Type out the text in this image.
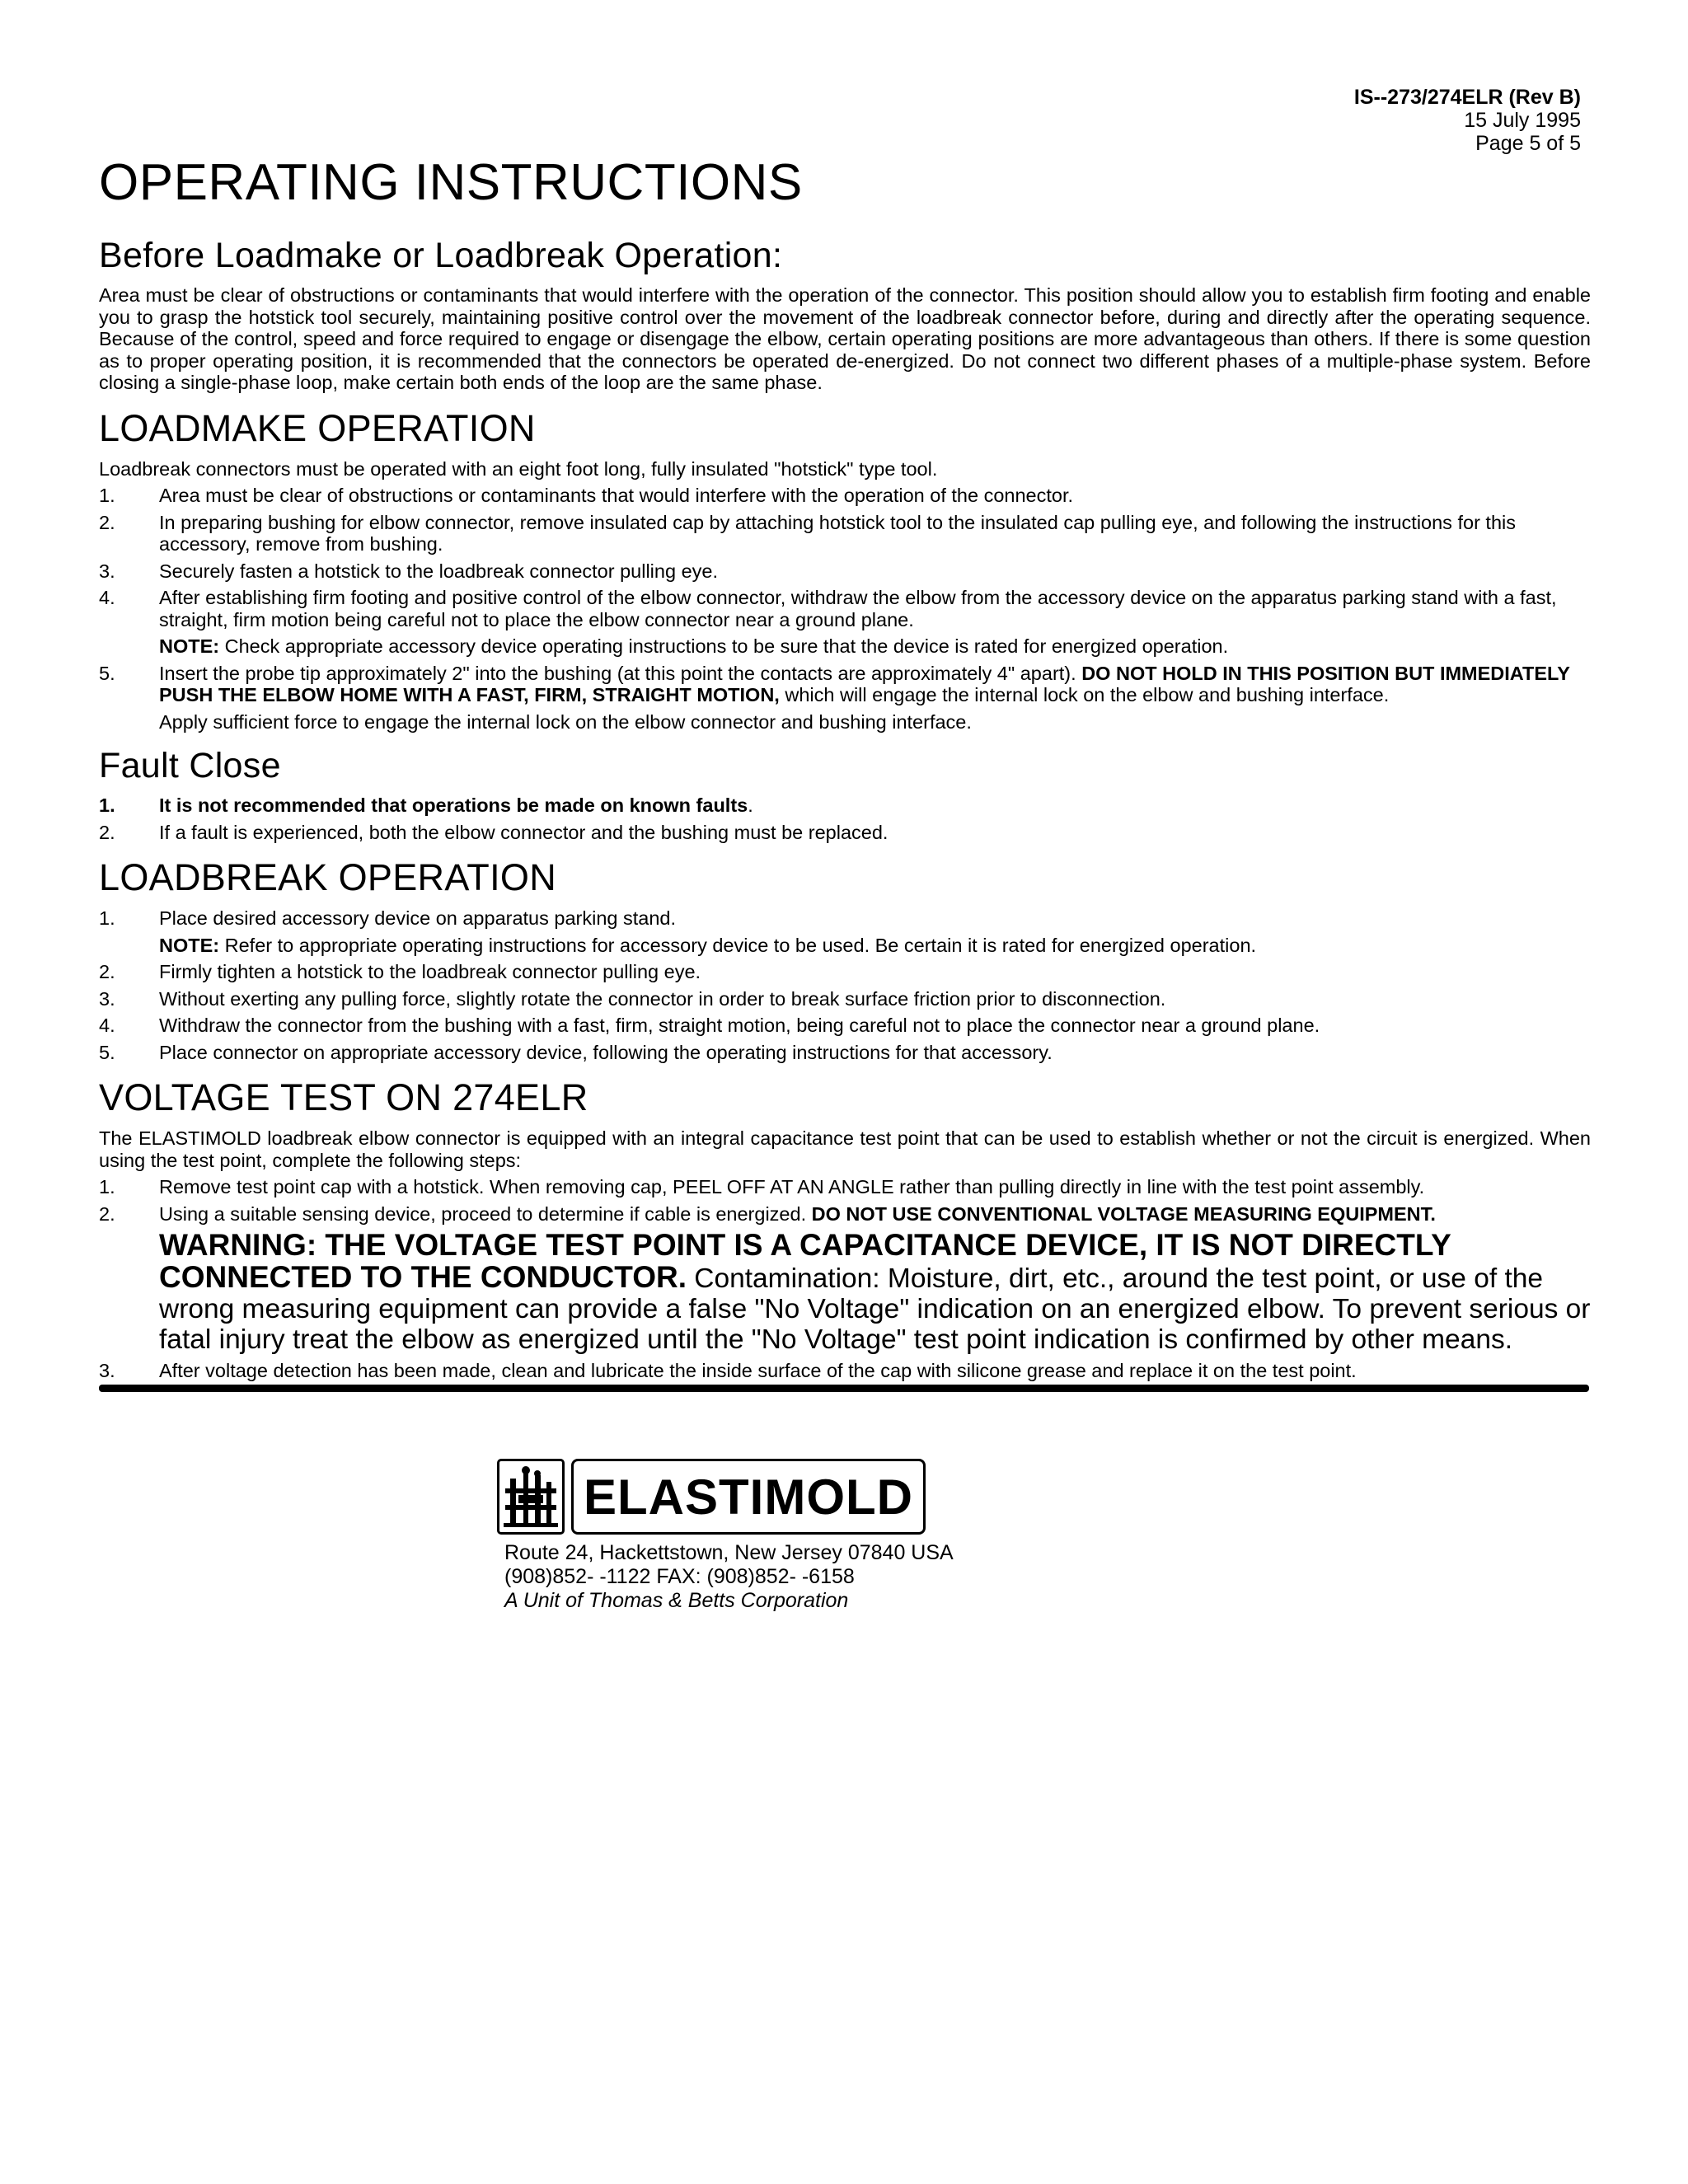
IS--273/274ELR (Rev B)
15 July 1995
Page 5 of 5
OPERATING INSTRUCTIONS
Before Loadmake or Loadbreak Operation:

Area must be clear of obstructions or contaminants that would interfere with the operation of the connector. This position should allow you to establish firm footing and enable you to grasp the hotstick tool securely, maintaining positive control over the movement of the loadbreak connector before, during and directly after the operating sequence. Because of the control, speed and force required to engage or disengage the elbow, certain operating positions are more advantageous than others. If there is some question as to proper operating position, it is recommended that the connectors be operated de-energized. Do not connect two different phases of a multiple-phase system. Before closing a single-phase loop, make certain both ends of the loop are the same phase.

LOADMAKE OPERATION

Loadbreak connectors must be operated with an eight foot long, fully insulated "hotstick" type tool.

1.	Area must be clear of obstructions or contaminants that would interfere with the operation of the connector.
2.	In preparing bushing for elbow connector, remove insulated cap by attaching hotstick tool to the insulated cap pulling eye, and following the instructions for this accessory, remove from bushing.
3.	Securely fasten a hotstick to the loadbreak connector pulling eye.
4.	After establishing firm footing and positive control of the elbow connector, withdraw the elbow from the accessory device on the apparatus parking stand with a fast, straight, firm motion being careful not to place the elbow connector near a ground plane.
NOTE: Check appropriate accessory device operating instructions to be sure that the device is rated for energized operation.
5.	Insert the probe tip approximately 2" into the bushing (at this point the contacts are approximately 4" apart). DO NOT HOLD IN THIS POSITION BUT IMMEDIATELY PUSH THE ELBOW HOME WITH A FAST, FIRM, STRAIGHT MOTION, which will engage the internal lock on the elbow and bushing interface.
Apply sufficient force to engage the internal lock on the elbow connector and bushing interface.
Fault Close
1.	It is not recommended that operations be made on known faults.
2.	If a fault is experienced, both the elbow connector and the bushing must be replaced.
LOADBREAK OPERATION
1.	Place desired accessory device on apparatus parking stand.
NOTE: Refer to appropriate operating instructions for accessory device to be used. Be certain it is rated for energized operation.
2.	Firmly tighten a hotstick to the loadbreak connector pulling eye.
3.	Without exerting any pulling force, slightly rotate the connector in order to break surface friction prior to disconnection.
4.	Withdraw the connector from the bushing with a fast, firm, straight motion, being careful not to place the connector near a ground plane.
5.	Place connector on appropriate accessory device, following the operating instructions for that accessory.
VOLTAGE TEST ON 274ELR

The ELASTIMOLD loadbreak elbow connector is equipped with an integral capacitance test point that can be used to establish whether or not the circuit is energized. When using the test point, complete the following steps:

1.	Remove test point cap with a hotstick. When removing cap, PEEL OFF AT AN ANGLE rather than pulling directly in line with the test point assembly.
2.	Using a suitable sensing device, proceed to determine if cable is energized. DO NOT USE CONVENTIONAL VOLTAGE MEASURING EQUIPMENT.
WARNING: THE VOLTAGE TEST POINT IS A CAPACITANCE DEVICE, IT IS NOT DIRECTLY CONNECTED TO THE CONDUCTOR. Contamination: Moisture, dirt, etc., around the test point, or use of the wrong measuring equipment can provide a false "No Voltage" indication on an energized elbow. To prevent serious or fatal injury treat the elbow as energized until the "No Voltage" test point indication is confirmed by other means.
3.	After voltage detection has been made, clean and lubricate the inside surface of the cap with silicone grease and replace it on the test point.
ELASTIMOLD
Route 24, Hackettstown, New Jersey 07840 USA
(908)852- -1122 FAX: (908)852- -6158
A Unit of Thomas & Betts Corporation
